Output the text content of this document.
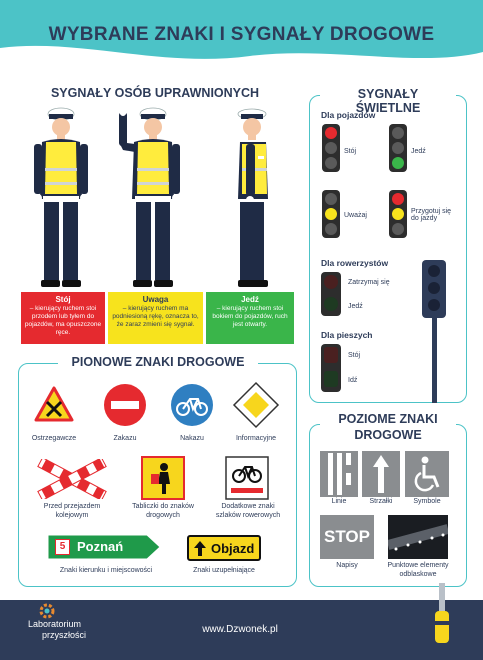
WYBRANE ZNAKI I SYGNAŁY DROGOWE
SYGNAŁY OSÓB UPRAWNIONYCH
Stój
– kierujący ruchem stoi przodem lub tyłem do pojazdów, ma opuszczone ręce.
Uwaga
– kierujący ruchem ma podniesioną rękę, oznacza to, że zaraz zmieni się sygnał.
Jedź
– kierujący ruchem stoi bokiem do pojazdów, ruch jest otwarty.
SYGNAŁY ŚWIETLNE
Dla pojazdów
Stój	Jedź
Uważaj
Przygotuj się do jazdy
Dla rowerzystów
Zatrzymaj się
Jedź
Dla pieszych
Stój
Idź
PIONOWE ZNAKI DROGOWE
Ostrzegawcze	Zakazu	Nakazu	Informacyjne
Przed przejazdem kolejowym
Tabliczki do znaków drogowych
Dodatkowe znaki szlaków rowerowych
5 Poznań
Znaki kierunku i miejscowości
Objazd
Znaki uzupełniające
POZIOME ZNAKI DROGOWE
Linie	Strzałki	Symbole
STOP
Napisy	Punktowe elementy odblaskowe
Laboratorium
przyszłości	www.Dzwonek.pl
